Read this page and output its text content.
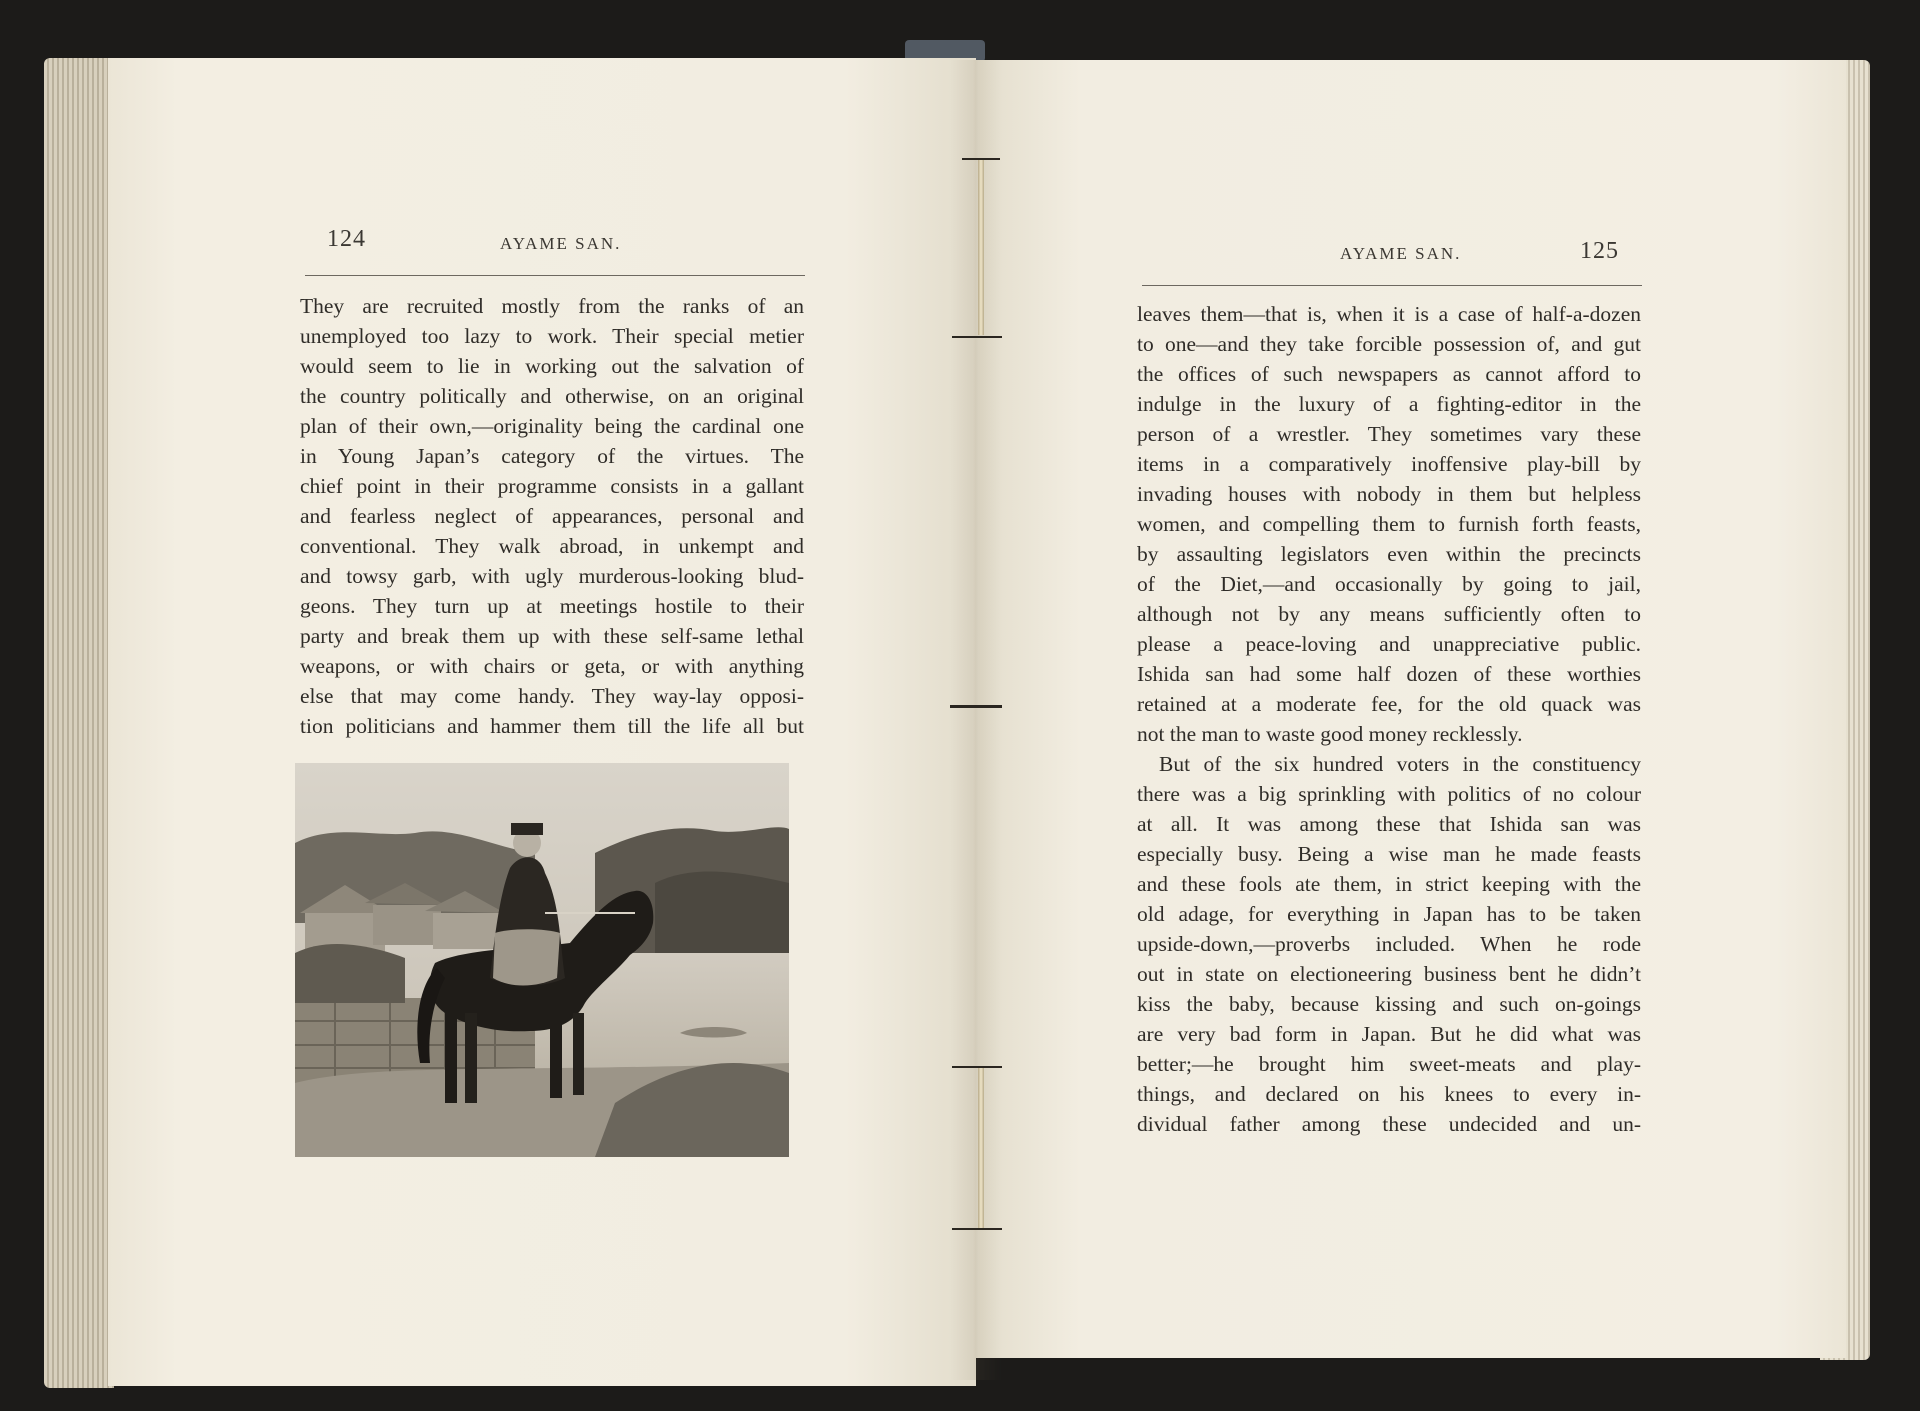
124	AYAME SAN.
They are recruited mostly from the ranks of an
unemployed too lazy to work. Their special metier
would seem to lie in working out the salvation of
the country politically and otherwise, on an original
plan of their own,—originality being the cardinal one
in Young Japan’s category of the virtues. The
chief point in their programme consists in a gallant
and fearless neglect of appearances, personal and
conventional. They walk abroad, in unkempt and
and towsy garb, with ugly murderous-looking blud-
geons. They turn up at meetings hostile to their
party and break them up with these self-same lethal
weapons, or with chairs or geta, or with anything
else that may come handy. They way-lay opposi-
tion politicians and hammer them till the life all but
AYAME SAN.	125
leaves them—that is, when it is a case of half-a-dozen
to one—and they take forcible possession of, and gut
the offices of such newspapers as cannot afford to
indulge in the luxury of a fighting-editor in the
person of a wrestler. They sometimes vary these
items in a comparatively inoffensive play-bill by
invading houses with nobody in them but helpless
women, and compelling them to furnish forth feasts,
by assaulting legislators even within the precincts
of the Diet,—and occasionally by going to jail,
although not by any means sufficiently often to
please a peace-loving and unappreciative public.
Ishida san had some half dozen of these worthies
retained at a moderate fee, for the old quack was
not the man to waste good money recklessly.
But of the six hundred voters in the constituency
there was a big sprinkling with politics of no colour
at all. It was among these that Ishida san was
especially busy. Being a wise man he made feasts
and these fools ate them, in strict keeping with the
old adage, for everything in Japan has to be taken
upside-down,—proverbs included. When he rode
out in state on electioneering business bent he didn’t
kiss the baby, because kissing and such on-goings
are very bad form in Japan. But he did what was
better;—he brought him sweet-meats and play-
things, and declared on his knees to every in-
dividual father among these undecided and un-
